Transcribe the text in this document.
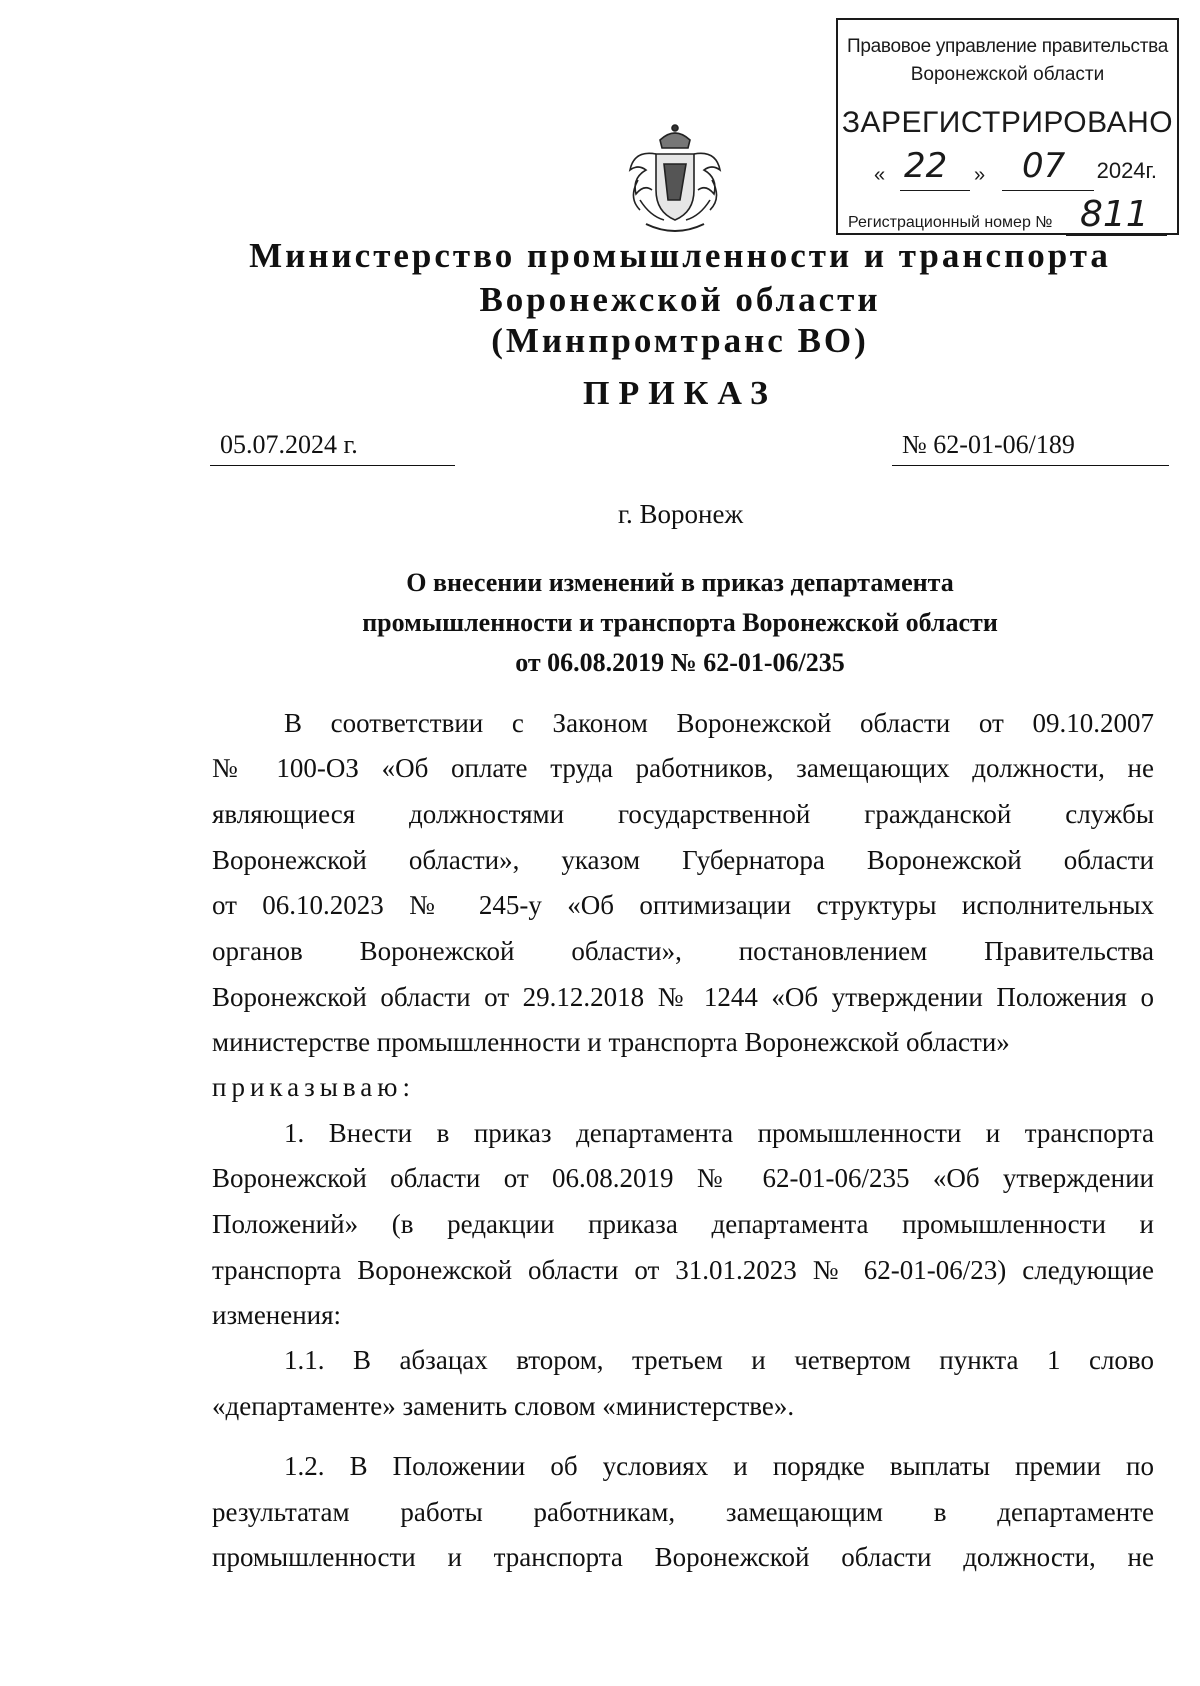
Правовое управление правительства
Воронежской области
ЗАРЕГИСТРИРОВАНО
« 22 » 07 2024г.
Регистрационный номер № 811
Министерство промышленности и транспорта
Воронежской области
(Минпромтранс ВО)
ПРИКАЗ
05.07.2024 г.	№ 62-01-06/189
г. Воронеж
О внесении изменений в приказ департамента
промышленности и транспорта Воронежской области
от 06.08.2019 № 62-01-06/235
В соответствии с Законом Воронежской области от 09.10.2007
№ 100-ОЗ «Об оплате труда работников, замещающих должности, не
являющиеся должностями государственной гражданской службы
Воронежской области», указом Губернатора Воронежской области
от 06.10.2023 № 245-у «Об оптимизации структуры исполнительных
органов Воронежской области», постановлением Правительства
Воронежской области от 29.12.2018 № 1244 «Об утверждении Положения о
министерстве промышленности и транспорта Воронежской области»
приказываю:
1. Внести в приказ департамента промышленности и транспорта
Воронежской области от 06.08.2019 № 62-01-06/235 «Об утверждении
Положений» (в редакции приказа департамента промышленности и
транспорта Воронежской области от 31.01.2023 № 62-01-06/23) следующие
изменения:
1.1. В абзацах втором, третьем и четвертом пункта 1 слово
«департаменте» заменить словом «министерстве».
1.2. В Положении об условиях и порядке выплаты премии по
результатам работы работникам, замещающим в департаменте
промышленности и транспорта Воронежской области должности, не
